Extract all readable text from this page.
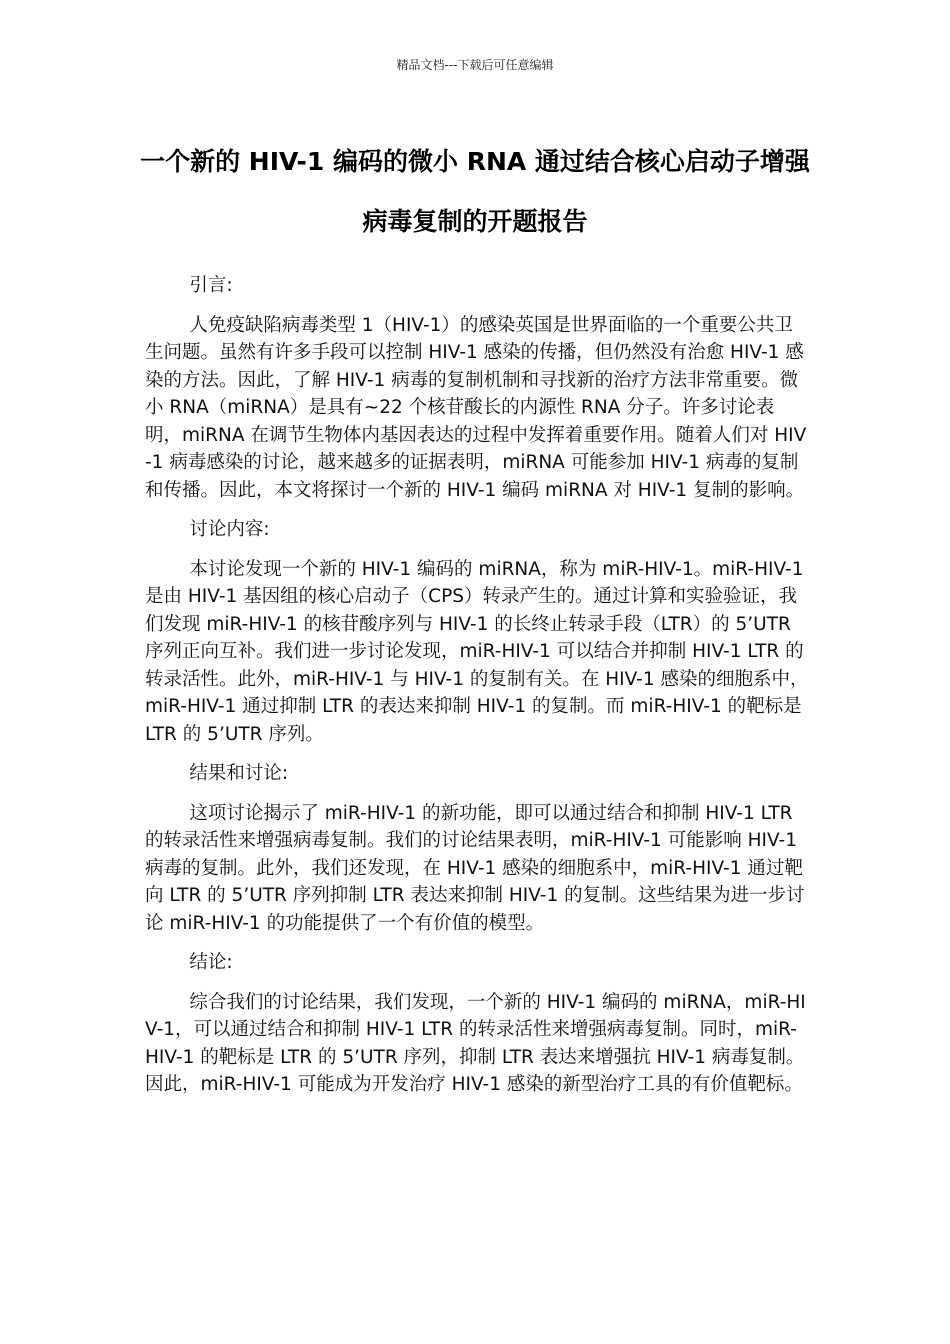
精品文档---下载后可任意编辑
一个新的 HIV-1 编码的微小 RNA 通过结合核心启动子增强病毒复制的开题报告

引言:

人免疫缺陷病毒类型 1（HIV-1）的感染英国是世界面临的一个重要公共卫生问题。虽然有许多手段可以控制 HIV-1 感染的传播，但仍然没有治愈 HIV-1 感染的方法。因此，了解 HIV-1 病毒的复制机制和寻找新的治疗方法非常重要。微小 RNA（miRNA）是具有~22 个核苷酸长的内源性 RNA 分子。许多讨论表明，miRNA 在调节生物体内基因表达的过程中发挥着重要作用。随着人们对 HIV-1 病毒感染的讨论，越来越多的证据表明，miRNA 可能参加 HIV-1 病毒的复制和传播。因此，本文将探讨一个新的 HIV-1 编码 miRNA 对 HIV-1 复制的影响。

讨论内容:

本讨论发现一个新的 HIV-1 编码的 miRNA，称为 miR-HIV-1。miR-HIV-1 是由 HIV-1 基因组的核心启动子（CPS）转录产生的。通过计算和实验验证，我们发现 miR-HIV-1 的核苷酸序列与 HIV-1 的长终止转录手段（LTR）的 5’UTR 序列正向互补。我们进一步讨论发现，miR-HIV-1 可以结合并抑制 HIV-1 LTR 的转录活性。此外，miR-HIV-1 与 HIV-1 的复制有关。在 HIV-1 感染的细胞系中，miR-HIV-1 通过抑制 LTR 的表达来抑制 HIV-1 的复制。而 miR-HIV-1 的靶标是 LTR 的 5’UTR 序列。

结果和讨论:

这项讨论揭示了 miR-HIV-1 的新功能，即可以通过结合和抑制 HIV-1 LTR 的转录活性来增强病毒复制。我们的讨论结果表明，miR-HIV-1 可能影响 HIV-1 病毒的复制。此外，我们还发现，在 HIV-1 感染的细胞系中，miR-HIV-1 通过靶向 LTR 的 5’UTR 序列抑制 LTR 表达来抑制 HIV-1 的复制。这些结果为进一步讨论 miR-HIV-1 的功能提供了一个有价值的模型。

结论:

综合我们的讨论结果，我们发现，一个新的 HIV-1 编码的 miRNA，miR-HIV-1，可以通过结合和抑制 HIV-1 LTR 的转录活性来增强病毒复制。同时，miR-HIV-1 的靶标是 LTR 的 5’UTR 序列，抑制 LTR 表达来增强抗 HIV-1 病毒复制。因此，miR-HIV-1 可能成为开发治疗 HIV-1 感染的新型治疗工具的有价值靶标。
